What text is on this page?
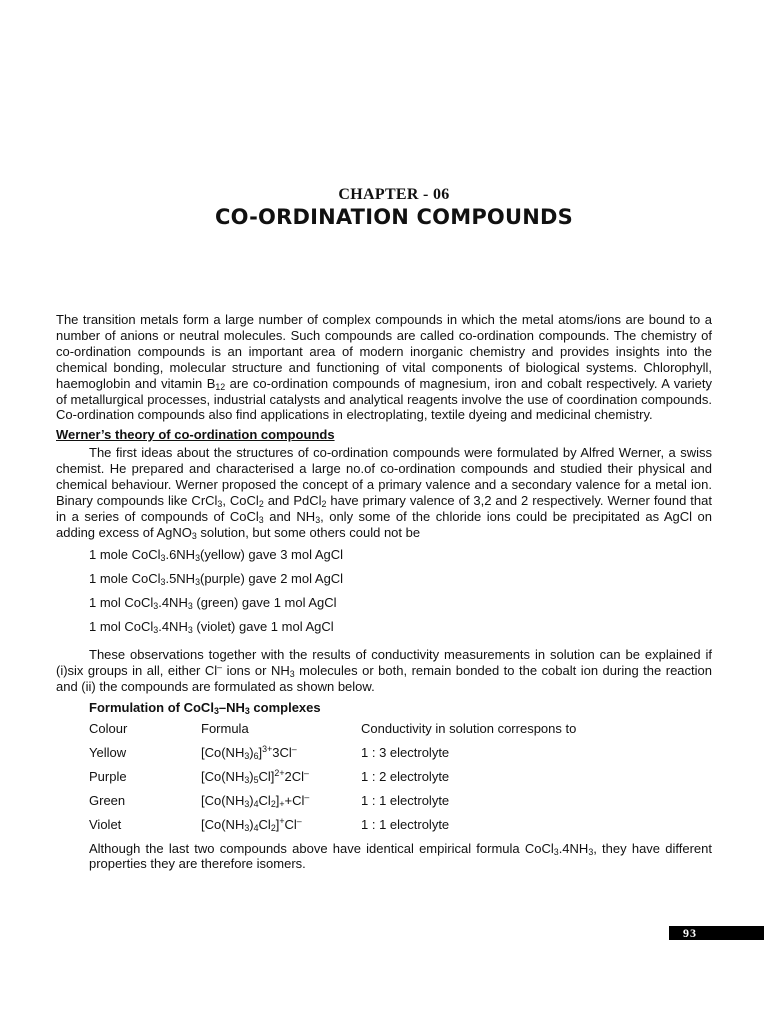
CHAPTER - 06
CO-ORDINATION COMPOUNDS

The transition metals form a large number of complex compounds in which the metal atoms/ions are bound to a number of anions or neutral molecules. Such compounds are called co-ordination compounds. The chemistry of co-ordination compounds is an important area of modern inorganic chemistry and provides insights into the chemical bonding, molecular structure and functioning of vital components of biological systems. Chlorophyll, haemoglobin and vitamin $B_{12}$ are co-ordination compounds of magnesium, iron and cobalt respectively. A variety of metallurgical processes, industrial catalysts and analytical reagents involve the use of coordination compounds. Co-ordination compounds also find applications in electroplating, textile dyeing and medicinal chemistry.

Werner’s theory of co-ordination compounds

The first ideas about the structures of co-ordination compounds were formulated by Alfred Werner, a swiss chemist. He prepared and characterised a large no.of co-ordination compounds and studied their physical and chemical behaviour. Werner proposed the concept of a primary valence and a secondary valence for a metal ion. Binary compounds like CrCl$_3$, CoCl$_2$ and PdCl$_2$ have primary valence of 3,2 and 2 respectively. Werner found that in a series of compounds of CoCl$_3$ and $NH_3$, only some of the chloride ions could be precipitated as AgCl on adding excess of AgNO$_3$ solution, but some others could not be

1 mole $CoCl_3.6NH_3(yellow)$ gave 3 mol AgCl
1 mole $CoCl_3.5NH_3(purple)$ gave 2 mol AgCl
1 mol $CoCl_3.4NH_3$ (green) gave 1 mol AgCl
1 mol $CoCl_3.4NH_3$ (violet) gave 1 mol AgCl

These observations together with the results of conductivity measurements in solution can be explained if (i)six groups in all, either Cl– ions or $NH_3$ molecules or both, remain bonded to the cobalt ion during the reaction and (ii) the compounds are formulated as shown below.

Formulation of $CoCl_3-NH_3$ complexes
Colour	Formula	Conductivity in solution correspons to
Yellow	$[Co(NH_3)_6]^{3+}3Cl^-$	1 : 3 electrolyte
Purple	$[Co(NH_3)_5Cl]^{2+}2Cl^-$	1 : 2 electrolyte
Green	$[Co(NH_3)_4Cl_2]_++Cl^-$	1 : 1 electrolyte
Violet	$[Co(NH_3)_4Cl_2]^+Cl^-$	1 : 1 electrolyte

Although the last two compounds above have identical empirical formula $CoCl_3.4NH_3$, they have different properties they are therefore isomers.

93
